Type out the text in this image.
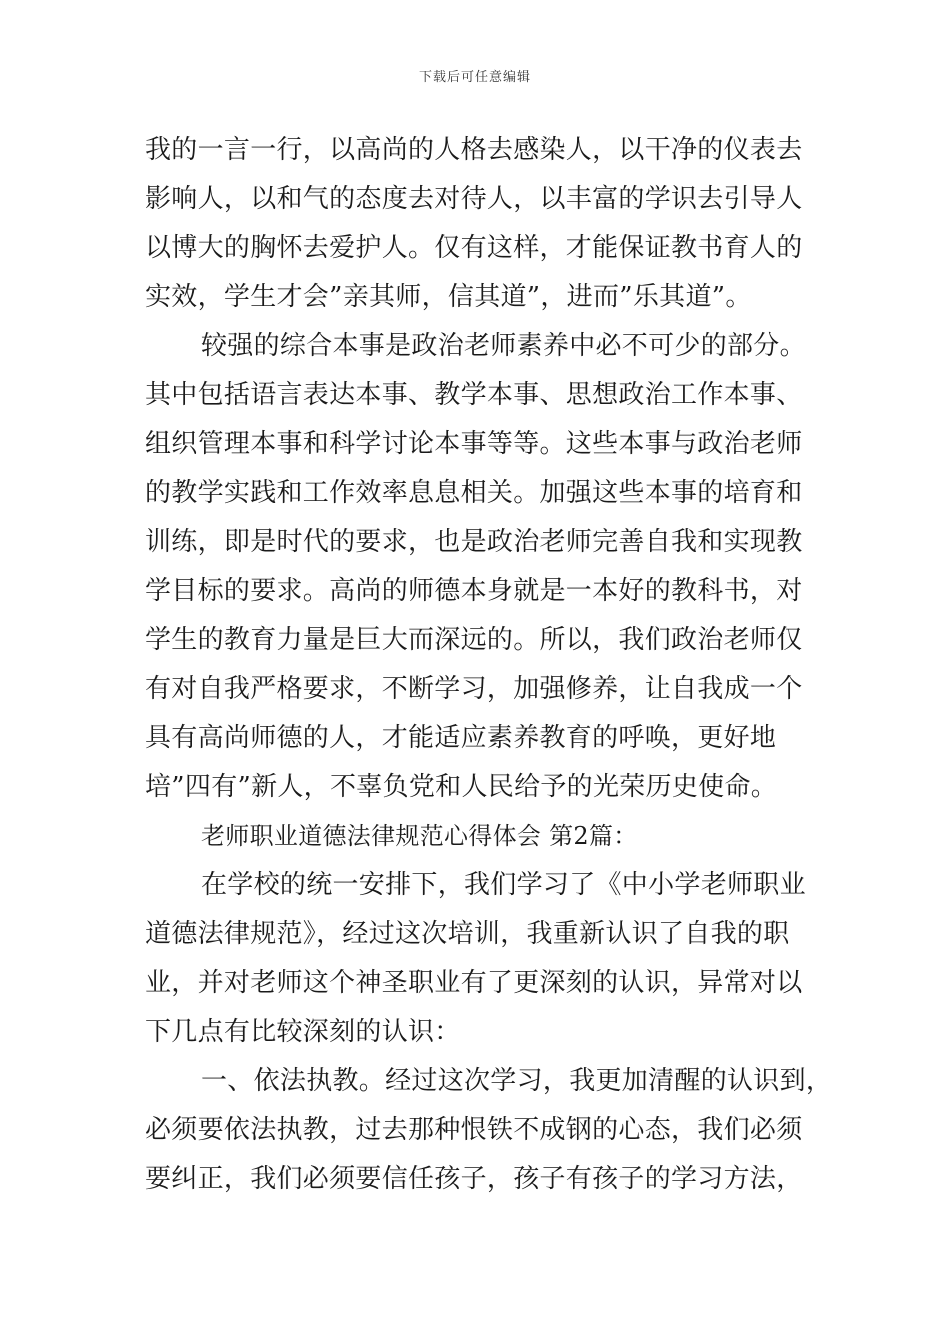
下载后可任意编辑
我的一言一行，以高尚的人格去感染人，以干净的仪表去
影响人，以和气的态度去对待人，以丰富的学识去引导人
以博大的胸怀去爱护人。仅有这样，才能保证教书育人的
实效，学生才会”亲其师，信其道”，进而”乐其道”。
较强的综合本事是政治老师素养中必不可少的部分。
其中包括语言表达本事、教学本事、思想政治工作本事、
组织管理本事和科学讨论本事等等。这些本事与政治老师
的教学实践和工作效率息息相关。加强这些本事的培育和
训练，即是时代的要求，也是政治老师完善自我和实现教
学目标的要求。高尚的师德本身就是一本好的教科书，对
学生的教育力量是巨大而深远的。所以，我们政治老师仅
有对自我严格要求，不断学习，加强修养，让自我成一个
具有高尚师德的人，才能适应素养教育的呼唤，更好地
培”四有”新人，不辜负党和人民给予的光荣历史使命。
老师职业道德法律规范心得体会 第2篇：
在学校的统一安排下，我们学习了《中小学老师职业
道德法律规范》，经过这次培训，我重新认识了自我的职
业，并对老师这个神圣职业有了更深刻的认识，异常对以
下几点有比较深刻的认识：
一、依法执教。经过这次学习，我更加清醒的认识到，
必须要依法执教，过去那种恨铁不成钢的心态，我们必须
要纠正，我们必须要信任孩子，孩子有孩子的学习方法，
